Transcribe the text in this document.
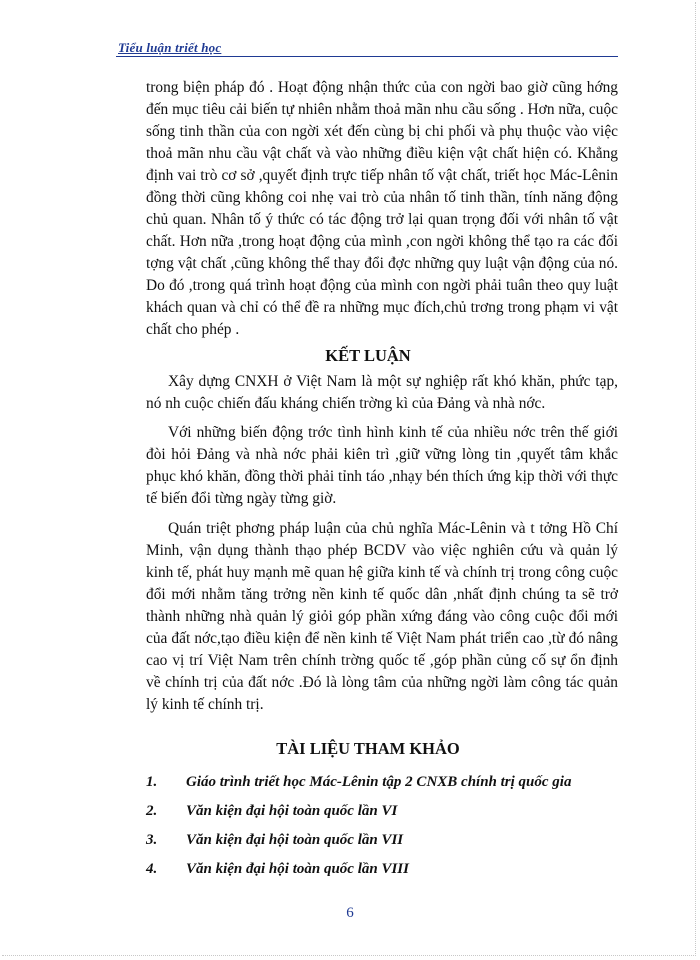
Tiểu luận triết học

trong biện pháp đó . Hoạt động nhận thức của con ngời bao giờ cũng hớng đến mục tiêu cải biến tự nhiên nhằm thoả mãn nhu cầu sống . Hơn nữa, cuộc sống tinh thần của con ngời xét đến cùng bị chi phối và phụ thuộc vào việc thoả mãn nhu cầu vật chất và vào những điều kiện vật chất hiện có. Khẳng định vai trò cơ sở ,quyết định trực tiếp nhân tố vật chất, triết học Mác-Lênin đồng thời cũng không coi nhẹ vai trò của nhân tố tinh thần, tính năng động chủ quan. Nhân tố ý thức có tác động trở lại quan trọng đối với nhân tố vật chất. Hơn nữa ,trong hoạt động của mình ,con ngời không thể tạo ra các đối tợng vật chất ,cũng không thể thay đổi đợc những quy luật vận động của nó. Do đó ,trong quá trình hoạt động của mình con ngời phải tuân theo quy luật khách quan và chỉ có thể đề ra những mục đích,chủ trơng trong phạm vi vật chất cho phép .

KẾT LUẬN

Xây dựng CNXH ở Việt Nam là một sự nghiệp rất khó khăn, phức tạp, nó nh cuộc chiến đấu kháng chiến trờng kì của Đảng và nhà nớc.

Với những biến động trớc tình hình kinh tế của nhiều nớc trên thế giới đòi hỏi Đảng và nhà nớc phải kiên trì ,giữ vững lòng tin ,quyết tâm khắc phục khó khăn, đồng thời phải tỉnh táo ,nhạy bén thích ứng kịp thời với thực tế biến đổi từng ngày từng giờ.

Quán triệt phơng pháp luận của chủ nghĩa Mác-Lênin và t tởng Hồ Chí Minh, vận dụng thành thạo phép BCDV vào việc nghiên cứu và quản lý kinh tế, phát huy mạnh mẽ quan hệ giữa kinh tế và chính trị trong công cuộc đổi mới nhằm tăng trởng nền kinh tế quốc dân ,nhất định chúng ta sẽ trở thành những nhà quản lý giỏi góp phần xứng đáng vào công cuộc đổi mới của đất nớc,tạo điều kiện để nền kinh tế Việt Nam phát triển cao ,từ đó nâng cao vị trí Việt Nam trên chính trờng quốc tế ,góp phần củng cố sự ổn định về chính trị của đất nớc .Đó là lòng tâm của những ngời làm công tác quản lý kinh tế chính trị.

TÀI LIỆU THAM KHẢO
1. Giáo trình triết học Mác-Lênin tập 2 CNXB chính trị quốc gia
2. Văn kiện đại hội toàn quốc lần VI
3. Văn kiện đại hội toàn quốc lần VII
4. Văn kiện đại hội toàn quốc lần VIII
6
